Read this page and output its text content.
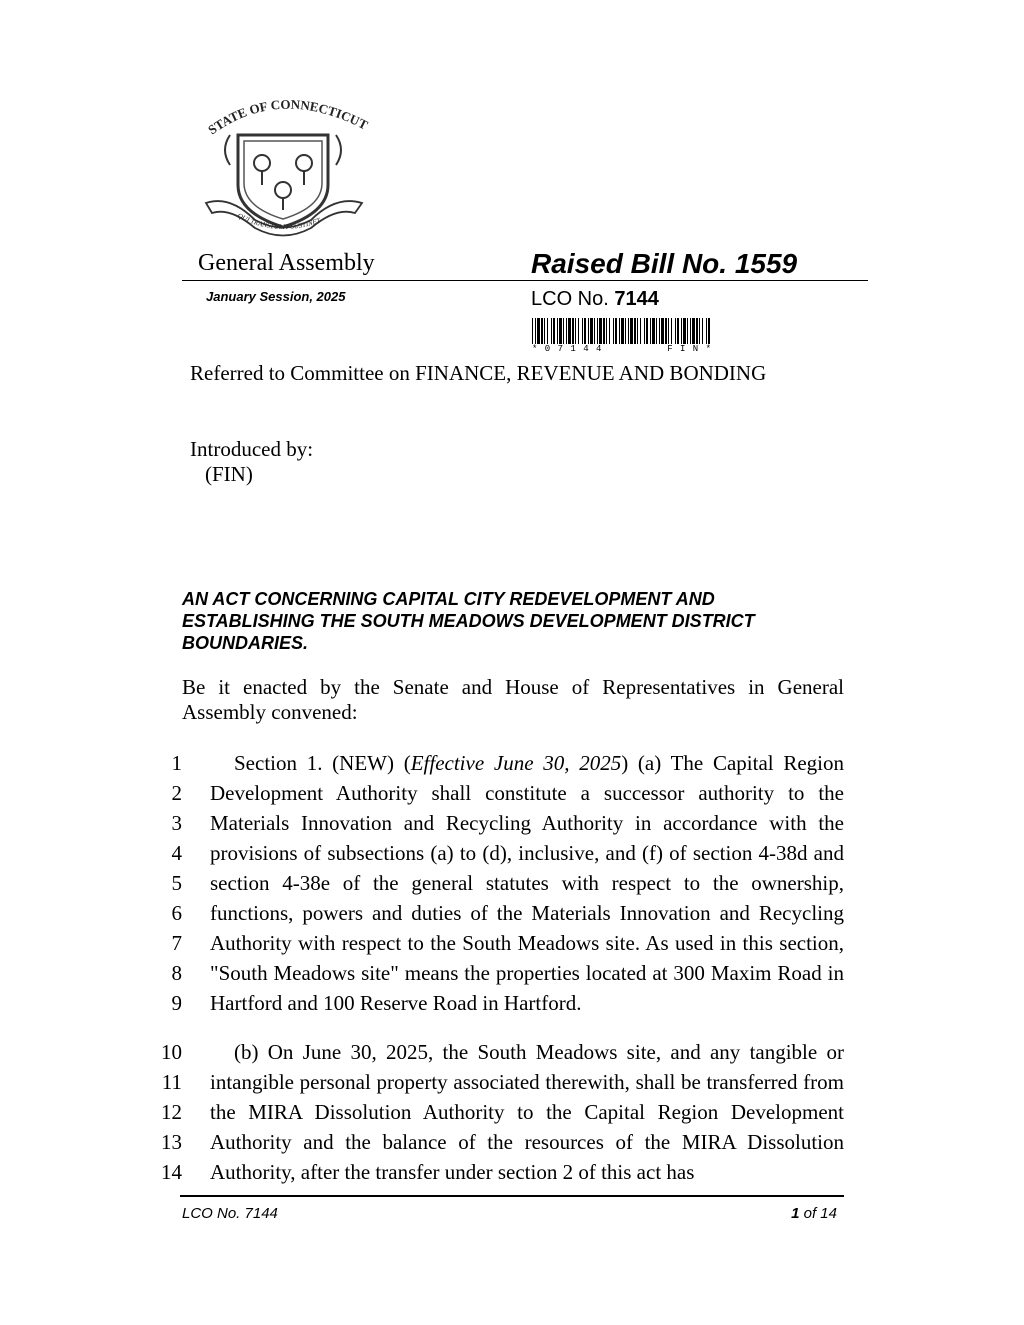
STATE OF CONNECTICUT
QUI TRANSTULIT SUSTINET
General Assembly	Raised Bill No. 1559
January Session, 2025	LCO No. 7144
* 0 7 1 4 4	F I N *
Referred to Committee on FINANCE, REVENUE AND BONDING
Introduced by:
(FIN)
AN ACT CONCERNING CAPITAL CITY REDEVELOPMENT AND ESTABLISHING THE SOUTH MEADOWS DEVELOPMENT DISTRICT BOUNDARIES.
Be it enacted by the Senate and House of Representatives in General Assembly convened:
1
2
3
4
5
6
7
8
9
Section 1. (NEW) (Effective June 30, 2025) (a) The Capital Region Development Authority shall constitute a successor authority to the Materials Innovation and Recycling Authority in accordance with the provisions of subsections (a) to (d), inclusive, and (f) of section 4-38d and section 4-38e of the general statutes with respect to the ownership, functions, powers and duties of the Materials Innovation and Recycling Authority with respect to the South Meadows site. As used in this section, "South Meadows site" means the properties located at 300 Maxim Road in Hartford and 100 Reserve Road in Hartford.
10
11
12
13
14
(b) On June 30, 2025, the South Meadows site, and any tangible or intangible personal property associated therewith, shall be transferred from the MIRA Dissolution Authority to the Capital Region Development Authority and the balance of the resources of the MIRA Dissolution Authority, after the transfer under section 2 of this act has
LCO No. 7144	1 of 14
